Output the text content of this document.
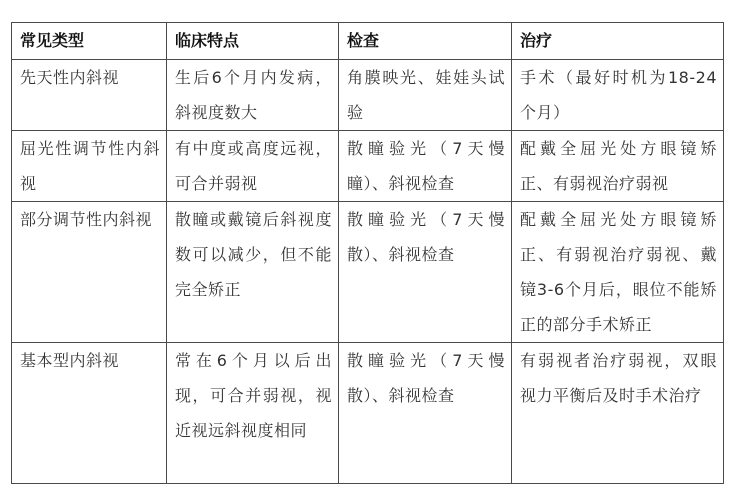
常见类型	临床特点	检查	治疗
先天性内斜视	生后6个月内发病，斜视度数大	角膜映光、娃娃头试验	手术（最好时机为18-24个月）
屈光性调节性内斜视	有中度或高度远视，可合并弱视	散瞳验光（7天慢瞳）、斜视检查	配戴全屈光处方眼镜矫正、有弱视治疗弱视
部分调节性内斜视	散瞳或戴镜后斜视度数可以减少，但不能完全矫正	散瞳验光（7天慢散）、斜视检查	配戴全屈光处方眼镜矫正、有弱视治疗弱视、戴镜3-6个月后，眼位不能矫正的部分手术矫正
基本型内斜视	常在6个月以后出现，可合并弱视，视近视远斜视度相同	散瞳验光（7天慢散）、斜视检查	有弱视者治疗弱视，双眼视力平衡后及时手术治疗
